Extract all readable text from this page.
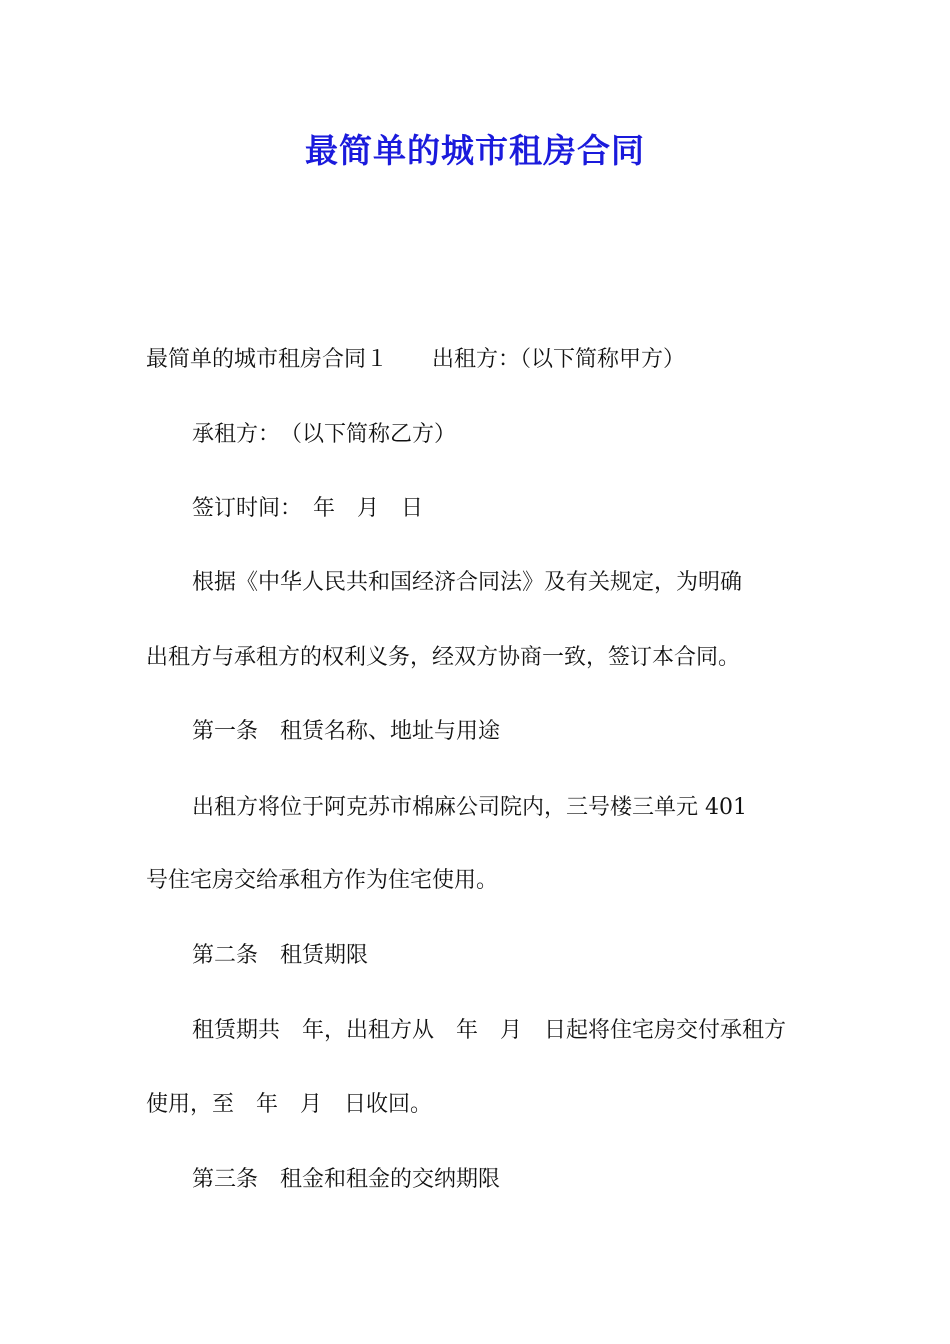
最简单的城市租房合同
最简单的城市租房合同１　　出租方：（以下简称甲方）
承租方：　（以下简称乙方）
签订时间：　年　月　日
根据《中华人民共和国经济合同法》及有关规定，为明确
出租方与承租方的权利义务，经双方协商一致，签订本合同。
第一条　租赁名称、地址与用途
出租方将位于阿克苏市棉麻公司院内，三号楼三单元 401
号住宅房交给承租方作为住宅使用。
第二条　租赁期限
租赁期共　年，出租方从　年　月　日起将住宅房交付承租方
使用，至　年　月　日收回。
第三条　租金和租金的交纳期限
